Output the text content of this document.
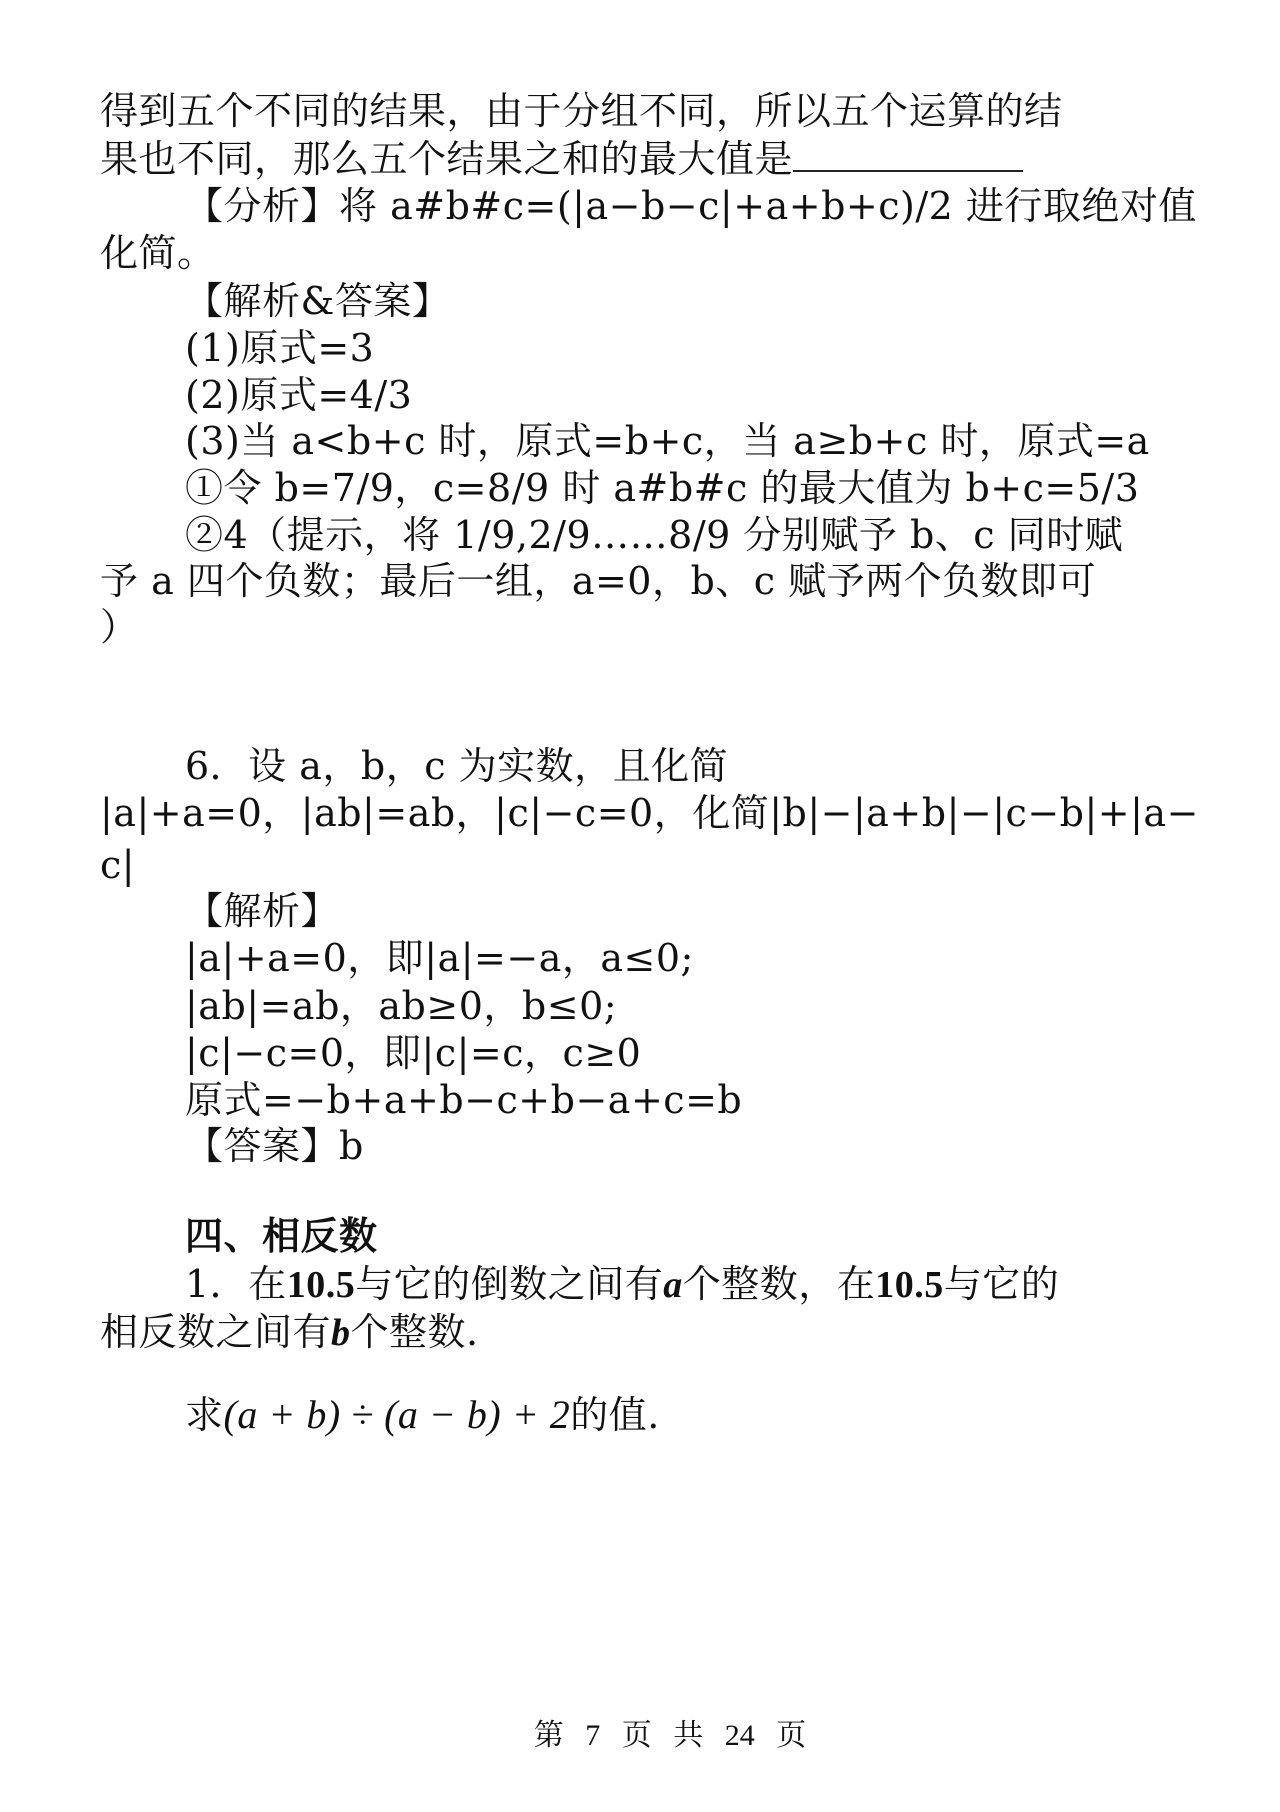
得到五个不同的结果，由于分组不同，所以五个运算的结
果也不同，那么五个结果之和的最大值是
【分析】将 a#b#c=(|a−b−c|+a+b+c)/2 进行取绝对值
化简。
【解析&答案】
(1)原式=3
(2)原式=4/3
(3)当 a<b+c 时，原式=b+c，当 a≥b+c 时，原式=a
①令 b=7/9，c=8/9 时 a#b#c 的最大值为 b+c=5/3
②4（提示，将 1/9,2/9……8/9 分别赋予 b、c 同时赋
予 a 四个负数；最后一组，a=0，b、c 赋予两个负数即可
）
6．设 a，b，c 为实数，且化简
|a|+a=0，|ab|=ab，|c|−c=0，化简|b|−|a+b|−|c−b|+|a−
c|
【解析】
|a|+a=0，即|a|=−a，a≤0;
|ab|=ab，ab≥0，b≤0;
|c|−c=0，即|c|=c，c≥0
原式=−b+a+b−c+b−a+c=b
【答案】b
四、相反数
1．在10.5与它的倒数之间有a个整数，在10.5与它的
相反数之间有b个整数.
求(a + b) ÷ (a − b) + 2的值.
第 7 页 共 24 页
